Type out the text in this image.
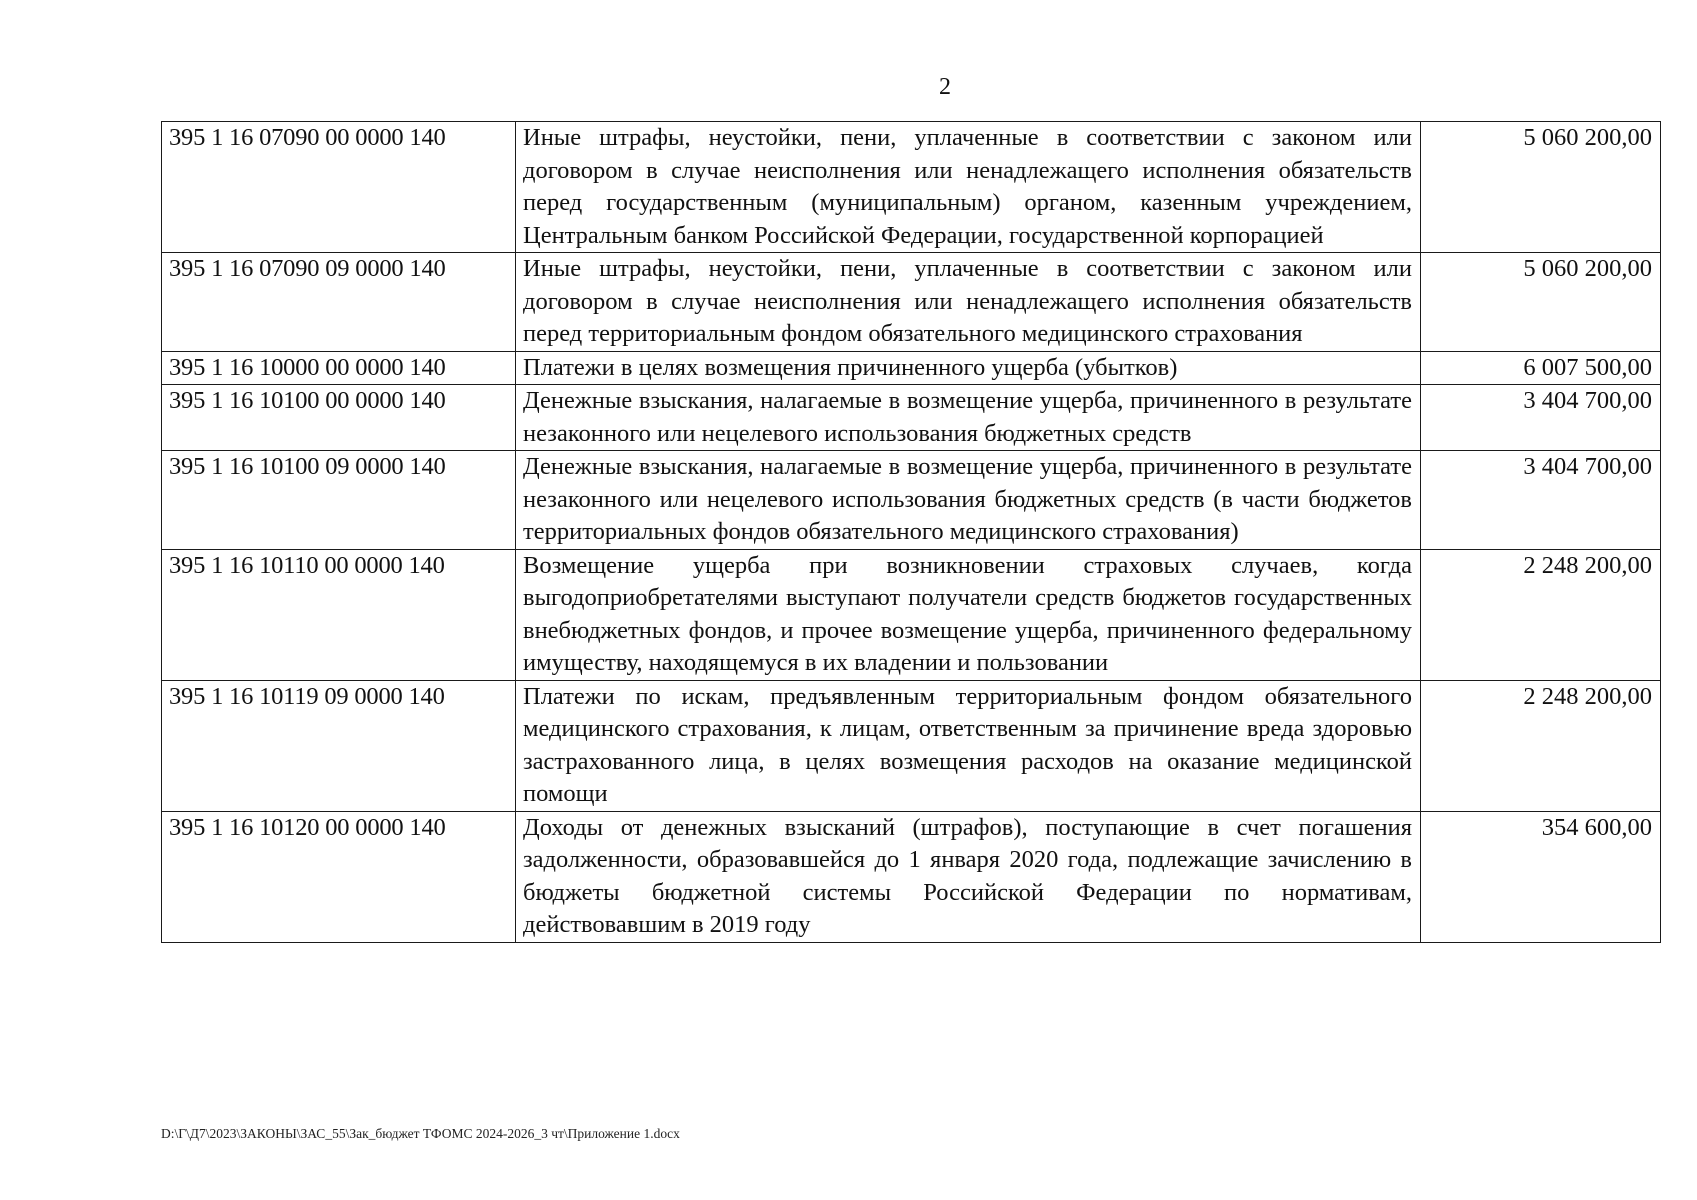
2
395 1 16 07090 00 0000 140	Иные штрафы, неустойки, пени, уплаченные в соответствии с законом или договором в случае неисполнения или ненадлежащего исполнения обязательств перед государственным (муниципальным) органом, казенным учреждением, Центральным банком Российской Федерации, государственной корпорацией	5 060 200,00
395 1 16 07090 09 0000 140	Иные штрафы, неустойки, пени, уплаченные в соответствии с законом или договором в случае неисполнения или ненадлежащего исполнения обязательств перед территориальным фондом обязательного медицинского страхования	5 060 200,00
395 1 16 10000 00 0000 140	Платежи в целях возмещения причиненного ущерба (убытков)	6 007 500,00
395 1 16 10100 00 0000 140	Денежные взыскания, налагаемые в возмещение ущерба, причиненного в результате незаконного или нецелевого использования бюджетных средств	3 404 700,00
395 1 16 10100 09 0000 140	Денежные взыскания, налагаемые в возмещение ущерба, причиненного в результате незаконного или нецелевого использования бюджетных средств (в части бюджетов территориальных фондов обязательного медицинского страхования)	3 404 700,00
395 1 16 10110 00 0000 140	Возмещение ущерба при возникновении страховых случаев, когда выгодоприобретателями выступают получатели средств бюджетов государственных внебюджетных фондов, и прочее возмещение ущерба, причиненного федеральному имуществу, находящемуся в их владении и пользовании	2 248 200,00
395 1 16 10119 09 0000 140	Платежи по искам, предъявленным территориальным фондом обязательного медицинского страхования, к лицам, ответственным за причинение вреда здоровью застрахованного лица, в целях возмещения расходов на оказание медицинской помощи	2 248 200,00
395 1 16 10120 00 0000 140	Доходы от денежных взысканий (штрафов), поступающие в счет погашения задолженности, образовавшейся до 1 января 2020 года, подлежащие зачислению в бюджеты бюджетной системы Российской Федерации по нормативам, действовавшим в 2019 году	354 600,00
D:\Г\Д7\2023\ЗАКОНЫ\ЗАС_55\Зак_бюджет ТФОМС 2024-2026_3 чт\Приложение 1.docx
